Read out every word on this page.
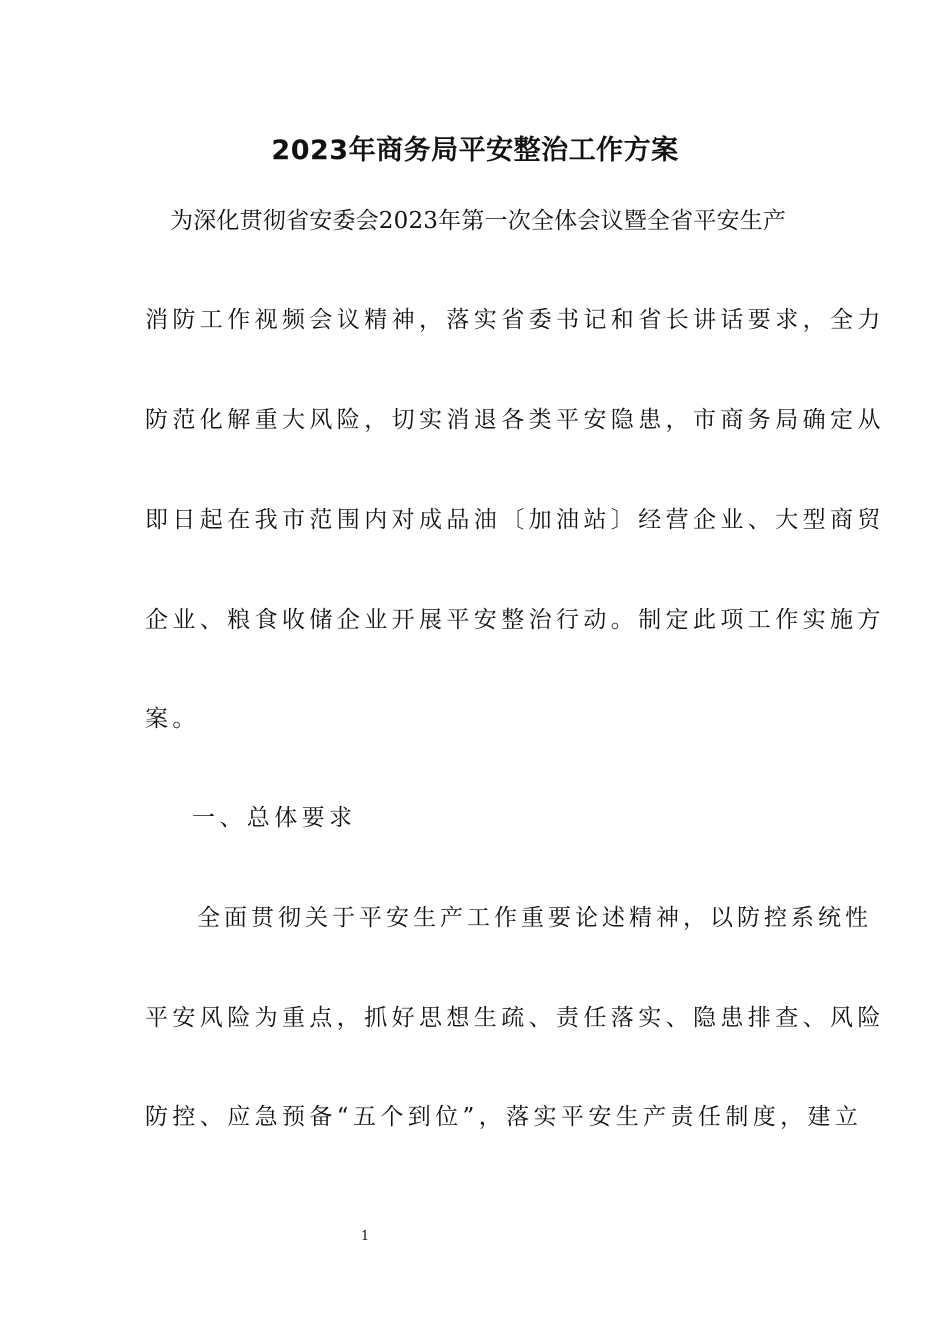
2023年商务局平安整治工作方案
为深化贯彻省安委会2023年第一次全体会议暨全省平安生产
消防工作视频会议精神，落实省委书记和省长讲话要求，全力
防范化解重大风险，切实消退各类平安隐患，市商务局确定从
即日起在我市范围内对成品油〔加油站〕经营企业、大型商贸
企业、粮食收储企业开展平安整治行动。制定此项工作实施方
案。
一、总体要求
全面贯彻关于平安生产工作重要论述精神，以防控系统性
平安风险为重点，抓好思想生疏、责任落实、隐患排查、风险
防控、应急预备“五个到位”，落实平安生产责任制度，建立
1
